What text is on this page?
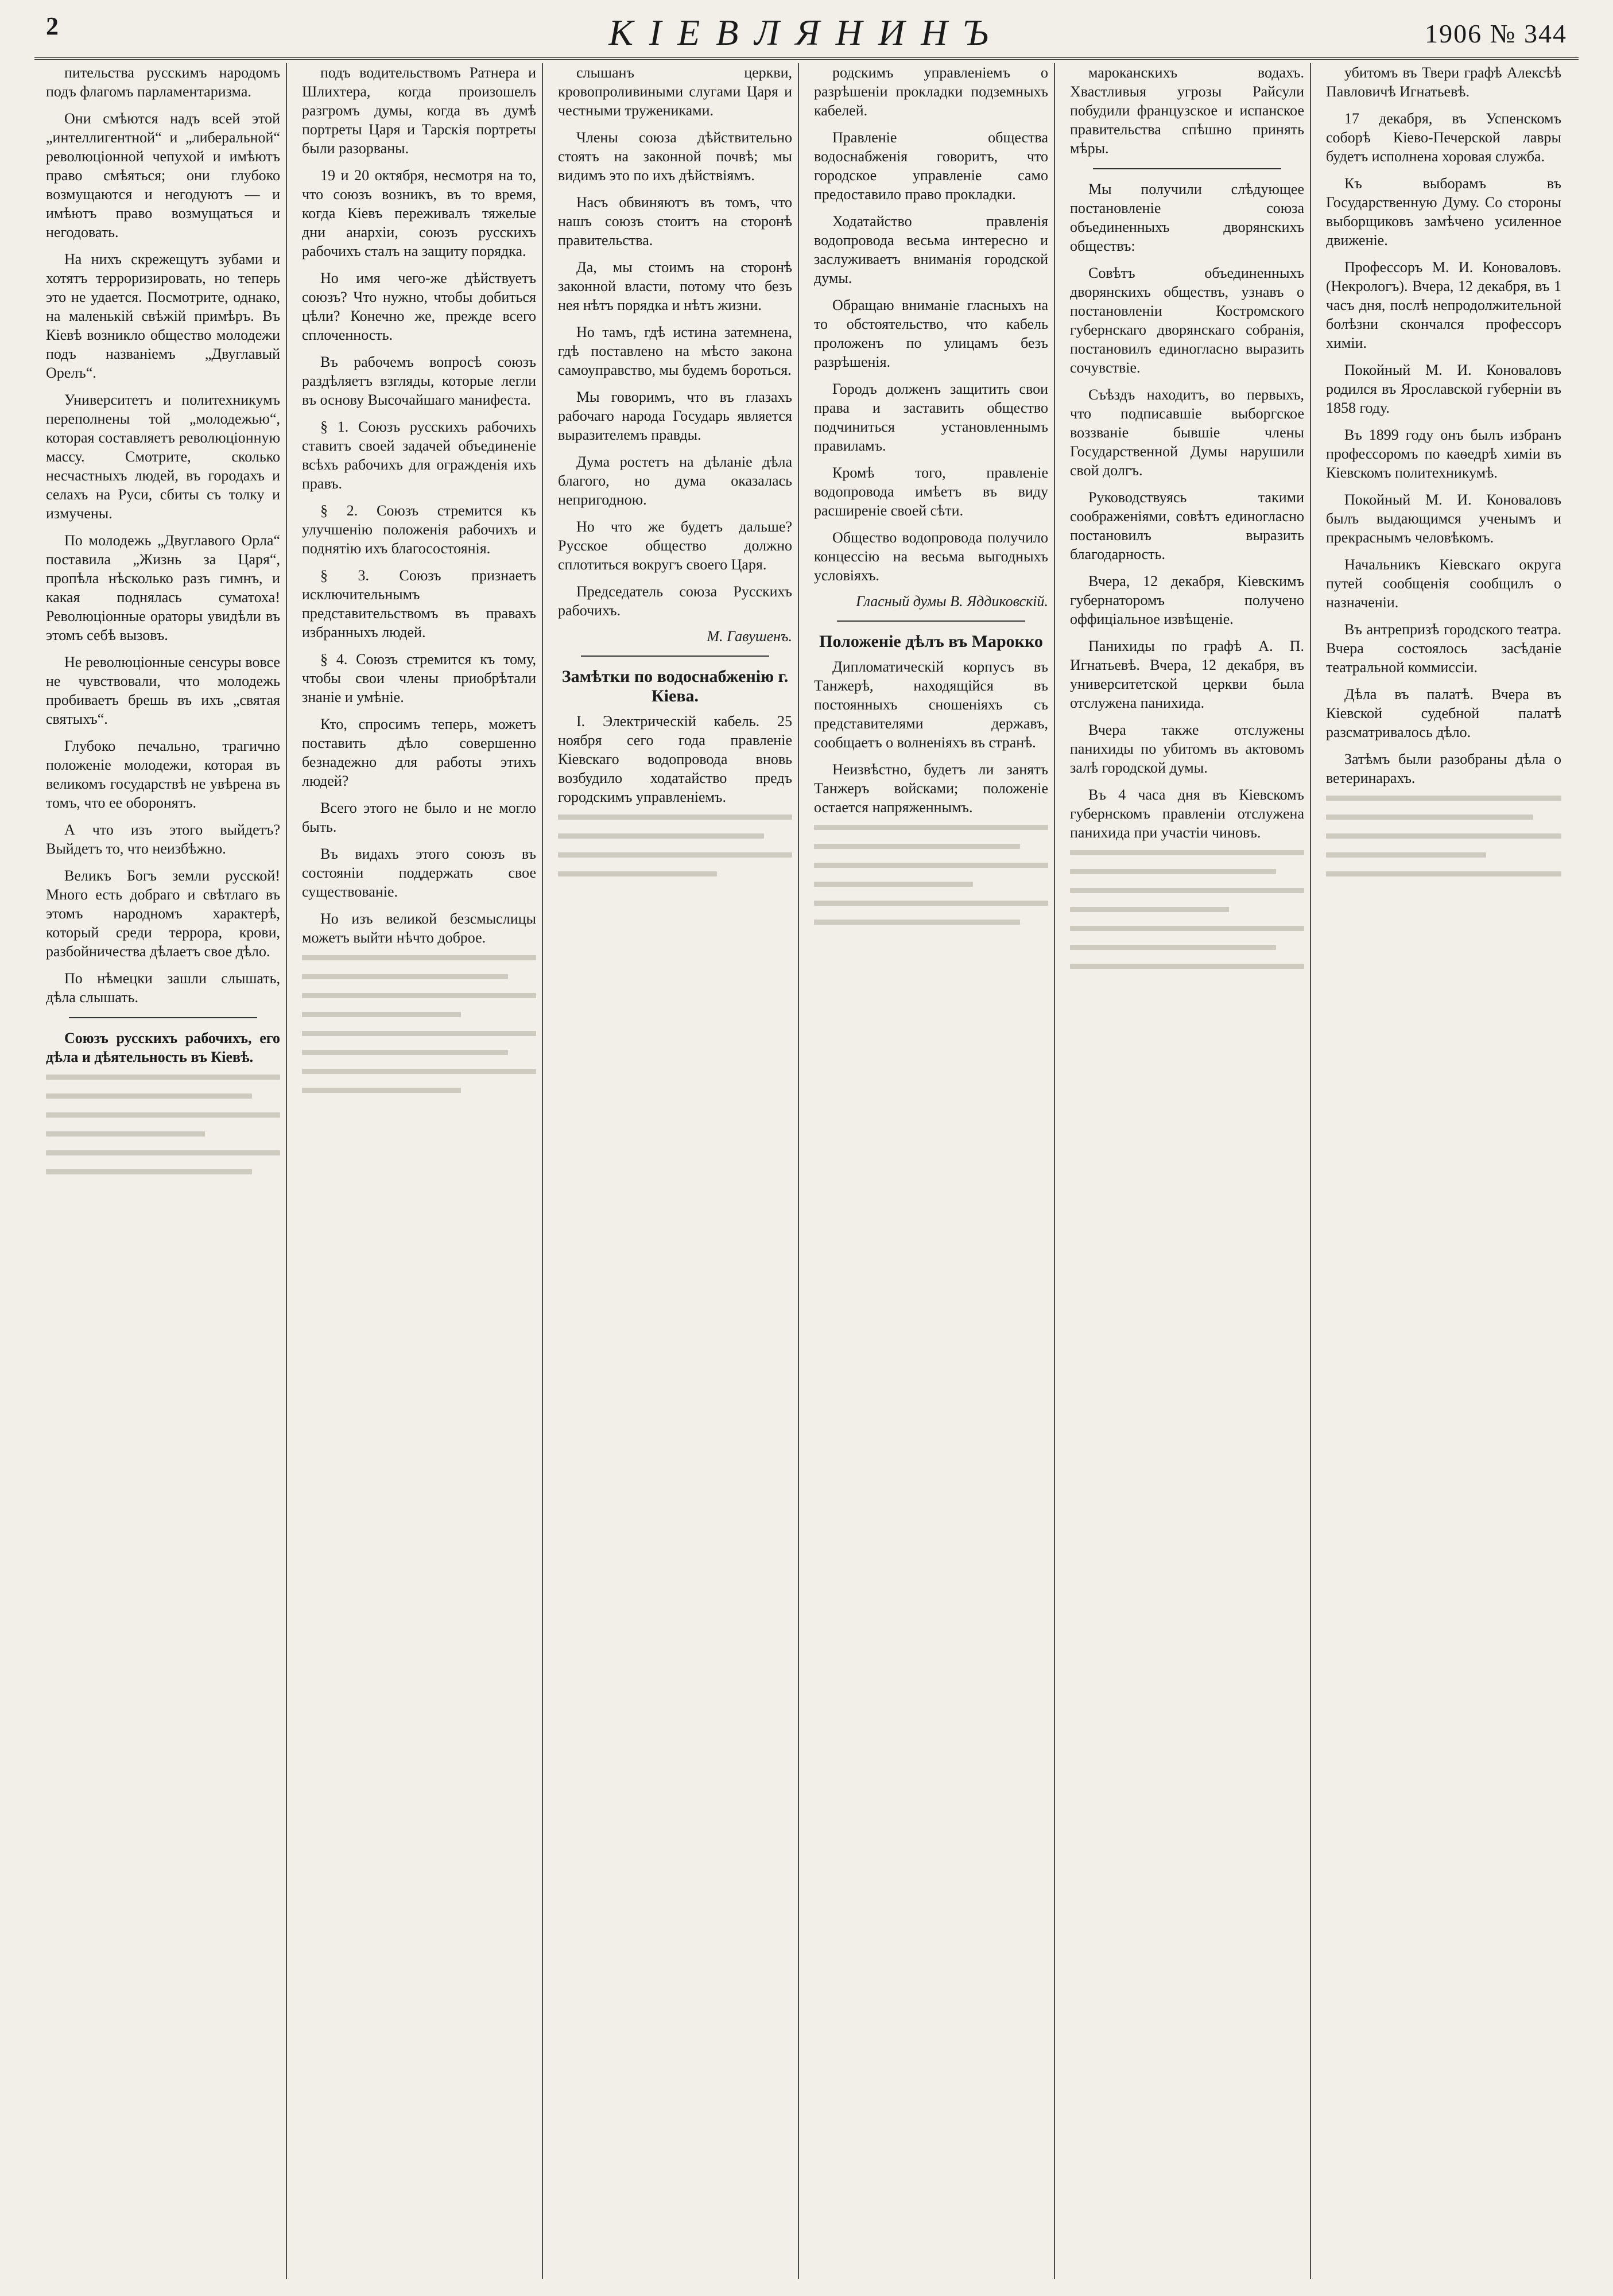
2	КІЕВЛЯНИНЪ	1906 № 344

пительства русскимъ народомъ подъ флагомъ парламентаризма.

Они смѣются надъ всей этой „интеллигентной“ и „либеральной“ революціонной чепухой и имѣютъ право смѣяться; они глубоко возмущаются и негодуютъ — и имѣютъ право возмущаться и негодовать.

На нихъ скрежещутъ зубами и хотятъ терроризировать, но теперь это не удается. Посмотрите, однако, на маленькій свѣжій примѣръ. Въ Кіевѣ возникло общество молодежи подъ названіемъ „Двуглавый Орелъ“.

Университетъ и политехникумъ переполнены той „молодежью“, которая составляетъ революціонную массу. Смотрите, сколько несчастныхъ людей, въ городахъ и селахъ на Руси, сбиты съ толку и измучены.

По молодежь „Двуглавого Орла“ поставила „Жизнь за Царя“, пропѣла нѣсколько разъ гимнъ, и какая поднялась суматоха! Революціонные ораторы увидѣли въ этомъ себѣ вызовъ.

Не революціонные сенсуры вовсе не чувствовали, что молодежь пробиваетъ брешь въ ихъ „святая святыхъ“.

Глубоко печально, трагично положеніе молодежи, которая въ великомъ государствѣ не увѣрена въ томъ, что ее оборонятъ.

А что изъ этого выйдетъ? Выйдетъ то, что неизбѣжно.

Великъ Богъ земли русской! Много есть добраго и свѣтлаго въ этомъ народномъ характерѣ, который среди террора, крови, разбойничества дѣлаетъ свое дѣло.

По нѣмецки зашли слышать, дѣла слышать.

Союзъ русскихъ рабочихъ, его дѣла и дѣятельность въ Кіевѣ.

подъ водительствомъ Ратнера и Шлихтера, когда произошелъ разгромъ думы, когда въ думѣ портреты Царя и Тарскія портреты были разорваны.

19 и 20 октября, несмотря на то, что союзъ возникъ, въ то время, когда Кіевъ переживалъ тяжелые дни анархіи, союзъ русскихъ рабочихъ сталъ на защиту порядка.

Но имя чего-же дѣйствуетъ союзъ? Что нужно, чтобы добиться цѣли? Конечно же, прежде всего сплоченность.

Въ рабочемъ вопросѣ союзъ раздѣляетъ взгляды, которые легли въ основу Высочайшаго манифеста.

§ 1. Союзъ русскихъ рабочихъ ставитъ своей задачей объединеніе всѣхъ рабочихъ для огражденія ихъ правъ.

§ 2. Союзъ стремится къ улучшенію положенія рабочихъ и поднятію ихъ благосостоянія.

§ 3. Союзъ признаетъ исключительнымъ представительствомъ въ правахъ избранныхъ людей.

§ 4. Союзъ стремится къ тому, чтобы свои члены приобрѣтали знаніе и умѣніе.

Кто, спросимъ теперь, можетъ поставить дѣло совершенно безнадежно для работы этихъ людей?

Всего этого не было и не могло быть.

Въ видахъ этого союзъ въ состояніи поддержать свое существованіе.

Но изъ великой безсмыслицы можетъ выйти нѣчто доброе.

слышанъ церкви, кровопроливиными слугами Царя и честными тружениками.

Члены союза дѣйствительно стоятъ на законной почвѣ; мы видимъ это по ихъ дѣйствіямъ.

Насъ обвиняютъ въ томъ, что нашъ союзъ стоитъ на сторонѣ правительства.

Да, мы стоимъ на сторонѣ законной власти, потому что безъ нея нѣтъ порядка и нѣтъ жизни.

Но тамъ, гдѣ истина затемнена, гдѣ поставлено на мѣсто закона самоуправство, мы будемъ бороться.

Мы говоримъ, что въ глазахъ рабочаго народа Государь является выразителемъ правды.

Дума ростетъ на дѣланіе дѣла благого, но дума оказалась непригодною.

Но что же будетъ дальше? Русское общество должно сплотиться вокругъ своего Царя.

Председатель союза Русскихъ рабочихъ.

М. Гавушенъ.
Замѣтки по водоснабженію г. Кіева.

I. Электрическій кабель. 25 ноября сего года правленіе Кіевскаго водопровода вновь возбудило ходатайство предъ городскимъ управленіемъ.

родскимъ управленіемъ о разрѣшеніи прокладки подземныхъ кабелей.

Правленіе общества водоснабженія говоритъ, что городское управленіе само предоставило право прокладки.

Ходатайство правленія водопровода весьма интересно и заслуживаетъ вниманія городской думы.

Обращаю вниманіе гласныхъ на то обстоятельство, что кабель проложенъ по улицамъ безъ разрѣшенія.

Городъ долженъ защитить свои права и заставить общество подчиниться установленнымъ правиламъ.

Кромѣ того, правленіе водопровода имѣетъ въ виду расширеніе своей сѣти.

Общество водопровода получило концессію на весьма выгодныхъ условіяхъ.

Гласный думы В. Яддиковскій.
Положеніе дѣлъ въ Марокко

Дипломатическій корпусъ въ Танжерѣ, находящійся въ постоянныхъ сношеніяхъ съ представителями державъ, сообщаетъ о волненіяхъ въ странѣ.

Неизвѣстно, будетъ ли занятъ Танжеръ войсками; положеніе остается напряженнымъ.

мароканскихъ водахъ. Хвастливыя угрозы Райсули побудили французское и испанское правительства спѣшно принять мѣры.

Мы получили слѣдующее постановленіе союза объединенныхъ дворянскихъ обществъ:

Совѣтъ объединенныхъ дворянскихъ обществъ, узнавъ о постановленіи Костромского губернскаго дворянскаго собранія, постановилъ единогласно выразить сочувствіе.

Съѣздъ находитъ, во первыхъ, что подписавшіе выборгское воззваніе бывшіе члены Государственной Думы нарушили свой долгъ.

Руководствуясь такими соображеніями, совѣтъ единогласно постановилъ выразить благодарность.

Вчера, 12 декабря, Кіевскимъ губернаторомъ получено оффиціальное извѣщеніе.

Панихиды по графѣ А. П. Игнатьевѣ. Вчера, 12 декабря, въ университетской церкви была отслужена панихида.

Вчера также отслужены панихиды по убитомъ въ актовомъ залѣ городской думы.

Въ 4 часа дня въ Кіевскомъ губернскомъ правленіи отслужена панихида при участіи чиновъ.

убитомъ въ Твери графѣ Алексѣѣ Павловичѣ Игнатьевѣ.

17 декабря, въ Успенскомъ соборѣ Кіево-Печерской лавры будетъ исполнена хоровая служба.

Къ выборамъ въ Государственную Думу. Со стороны выборщиковъ замѣчено усиленное движеніе.

Профессоръ М. И. Коноваловъ. (Некрологъ). Вчера, 12 декабря, въ 1 часъ дня, послѣ непродолжительной болѣзни скончался профессоръ химіи.

Покойный М. И. Коноваловъ родился въ Ярославской губерніи въ 1858 году.

Въ 1899 году онъ былъ избранъ профессоромъ по каѳедрѣ химіи въ Кіевскомъ политехникумѣ.

Покойный М. И. Коноваловъ былъ выдающимся ученымъ и прекраснымъ человѣкомъ.

Начальникъ Кіевскаго округа путей сообщенія сообщилъ о назначеніи.

Въ антрепризѣ городского театра. Вчера состоялось засѣданіе театральной коммиссіи.

Дѣла въ палатѣ. Вчера въ Кіевской судебной палатѣ разсматривалось дѣло.

Затѣмъ были разобраны дѣла о ветеринарахъ.
